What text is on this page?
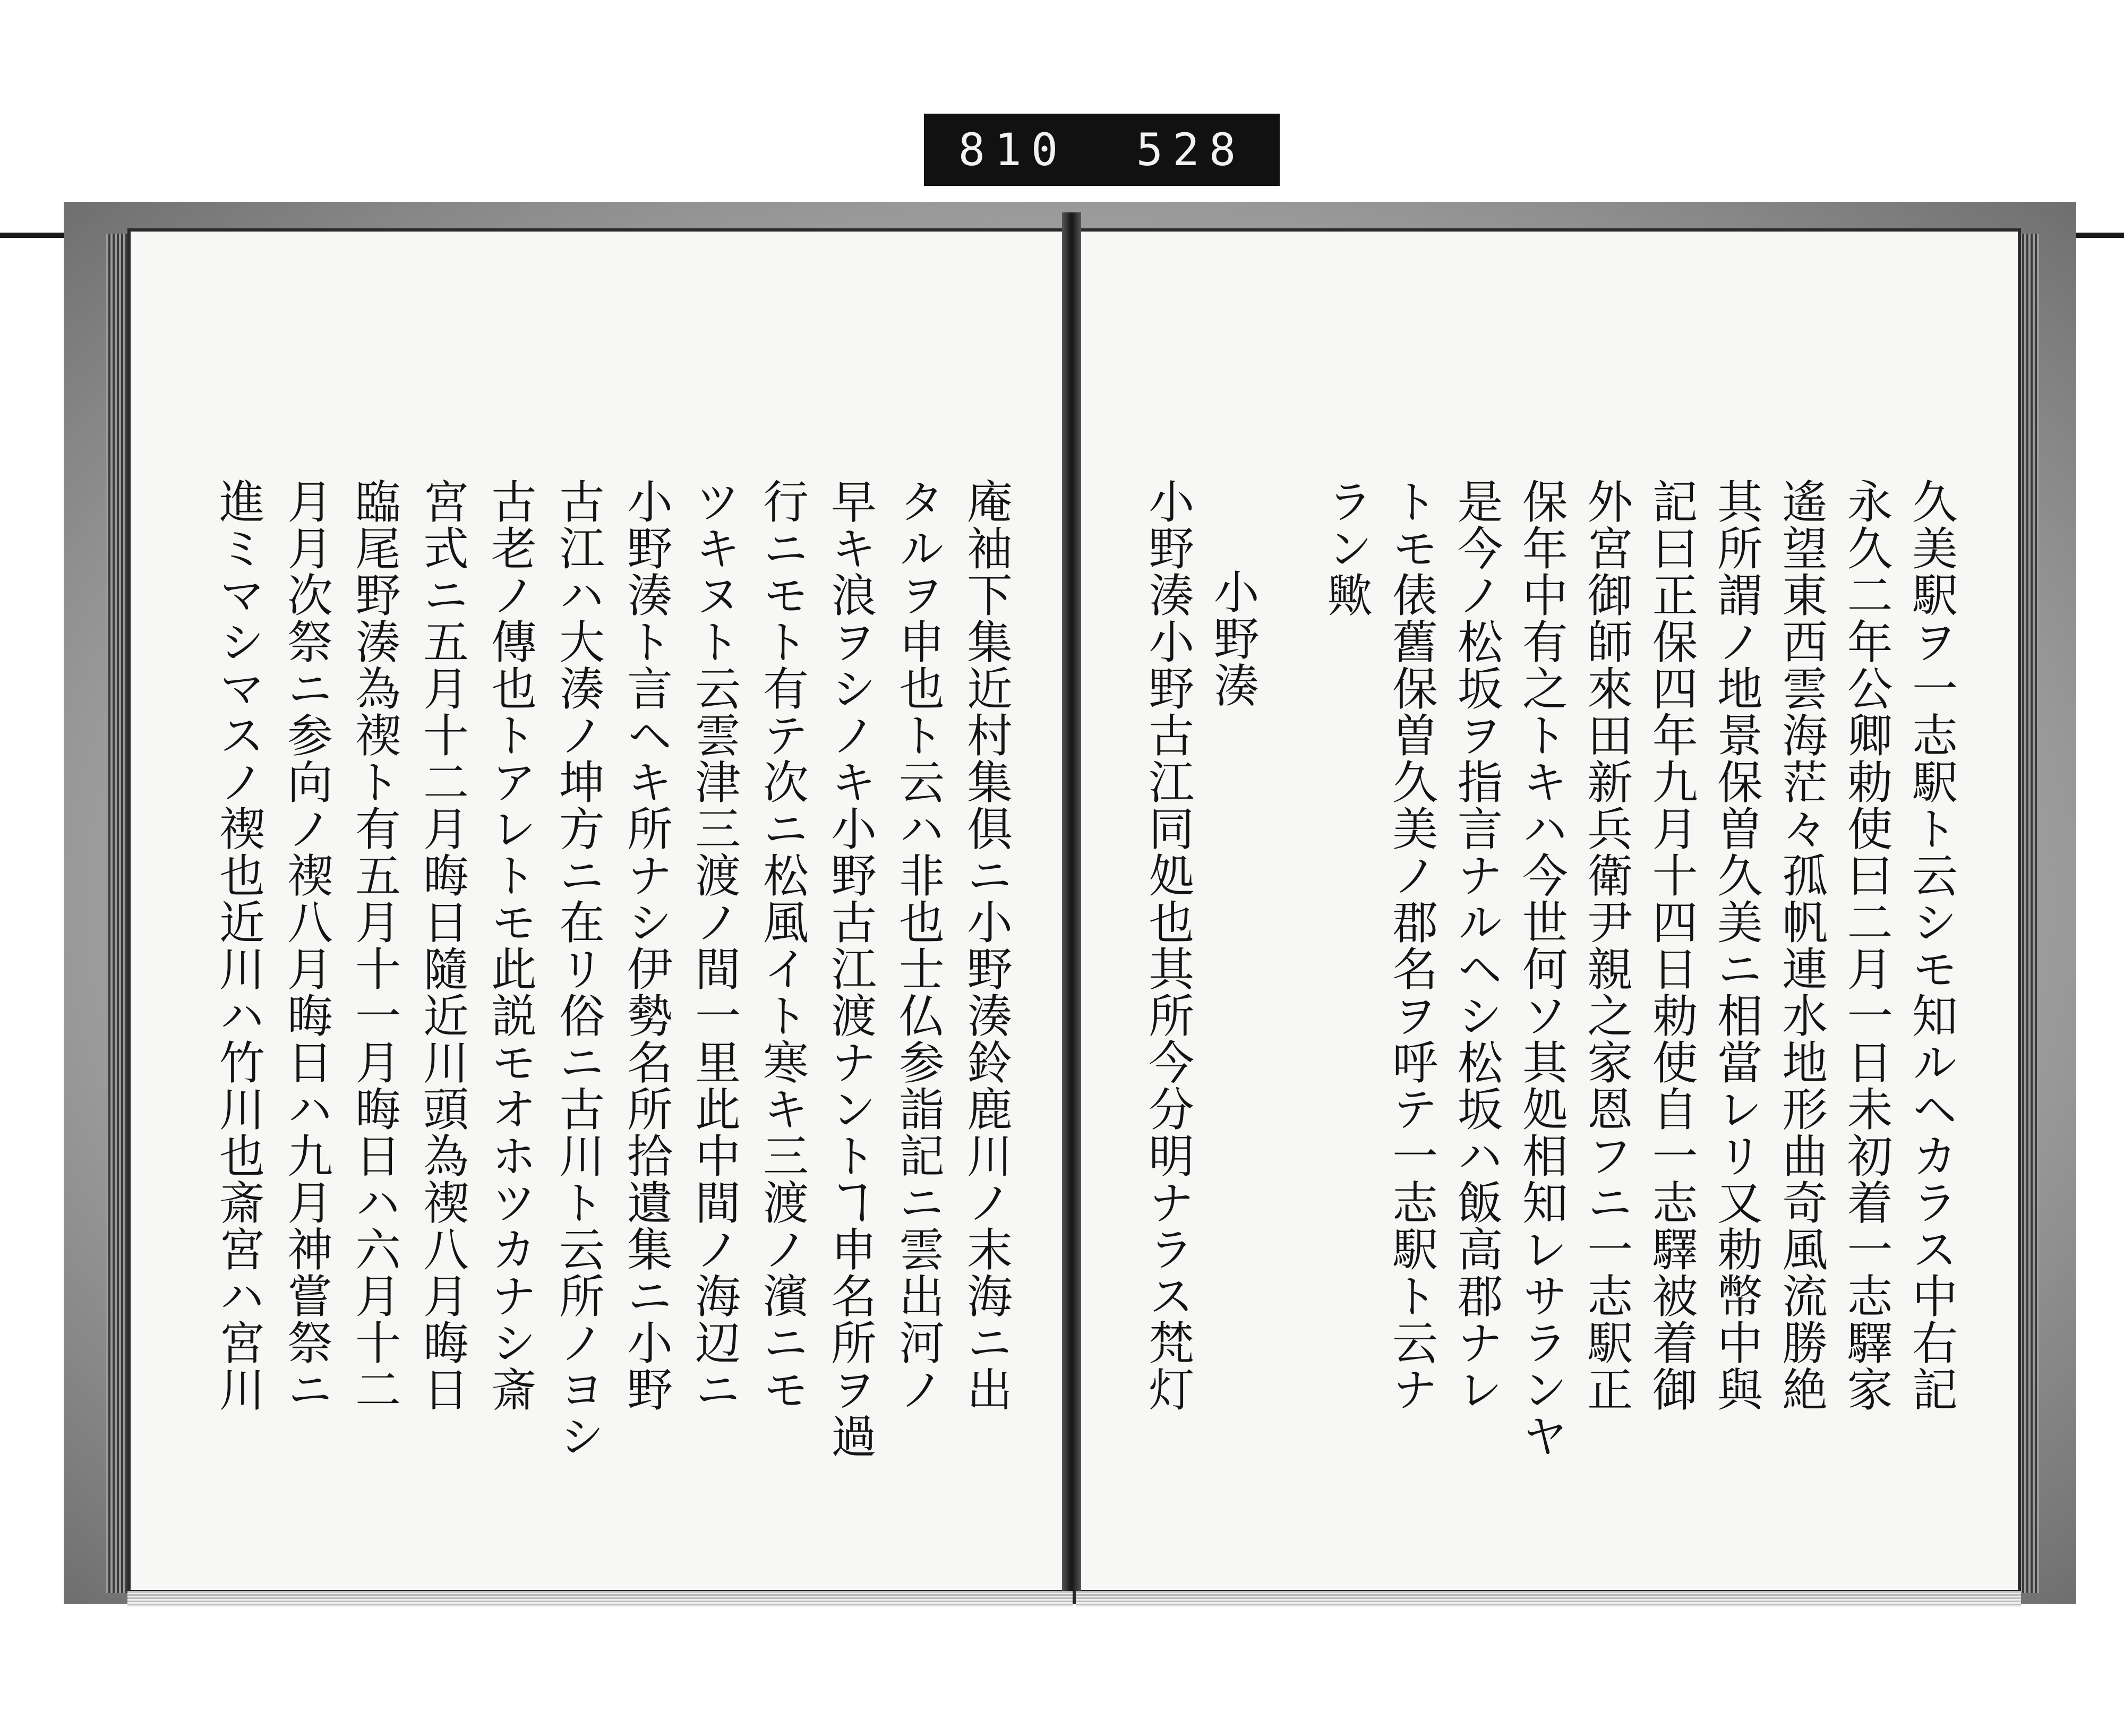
810 528
久美駅ヲ一志駅ト云シモ知ルヘカラス中右記
永久二年公卿勅使曰二月一日未初着一志驛家
遙望東西雲海茫々孤帆連水地形曲奇風流勝絶
其所謂ノ地景保曽久美ニ相當レリ又勅幣中與
記曰正保四年九月十四日勅使自一志驛被着御
外宮御師來田新兵衛尹親之家恩フニ一志駅正
保年中有之トキハ今世何ソ其処相知レサランヤ
是今ノ松坂ヲ指言ナルヘシ松坂ハ飯高郡ナレ
トモ俵舊保曽久美ノ郡名ヲ呼テ一志駅ト云ナ
ラン歟
小野湊
小野湊小野古江同処也其所今分明ナラス梵灯
庵袖下集近村集俱ニ小野湊鈴鹿川ノ末海ニ出
タルヲ申也ト云ハ非也士仏参詣記ニ雲出河ノ
早キ浪ヲシノキ小野古江渡ナントヿ申名所ヲ過
行ニモト有テ次ニ松風イト寒キ三渡ノ濱ニモ
ツキヌト云雲津三渡ノ間一里此中間ノ海辺ニ
小野湊ト言ヘキ所ナシ伊勢名所拾遺集ニ小野
古江ハ大湊ノ坤方ニ在リ俗ニ古川ト云所ノヨシ
古老ノ傳也トアレトモ此説モオホツカナシ斎
宮式ニ五月十二月晦日隨近川頭為禊八月晦日
臨尾野湊為禊ト有五月十一月晦日ハ六月十二
月月次祭ニ参向ノ禊八月晦日ハ九月神嘗祭ニ
進ミマシマスノ禊也近川ハ竹川也斎宮ハ宮川
